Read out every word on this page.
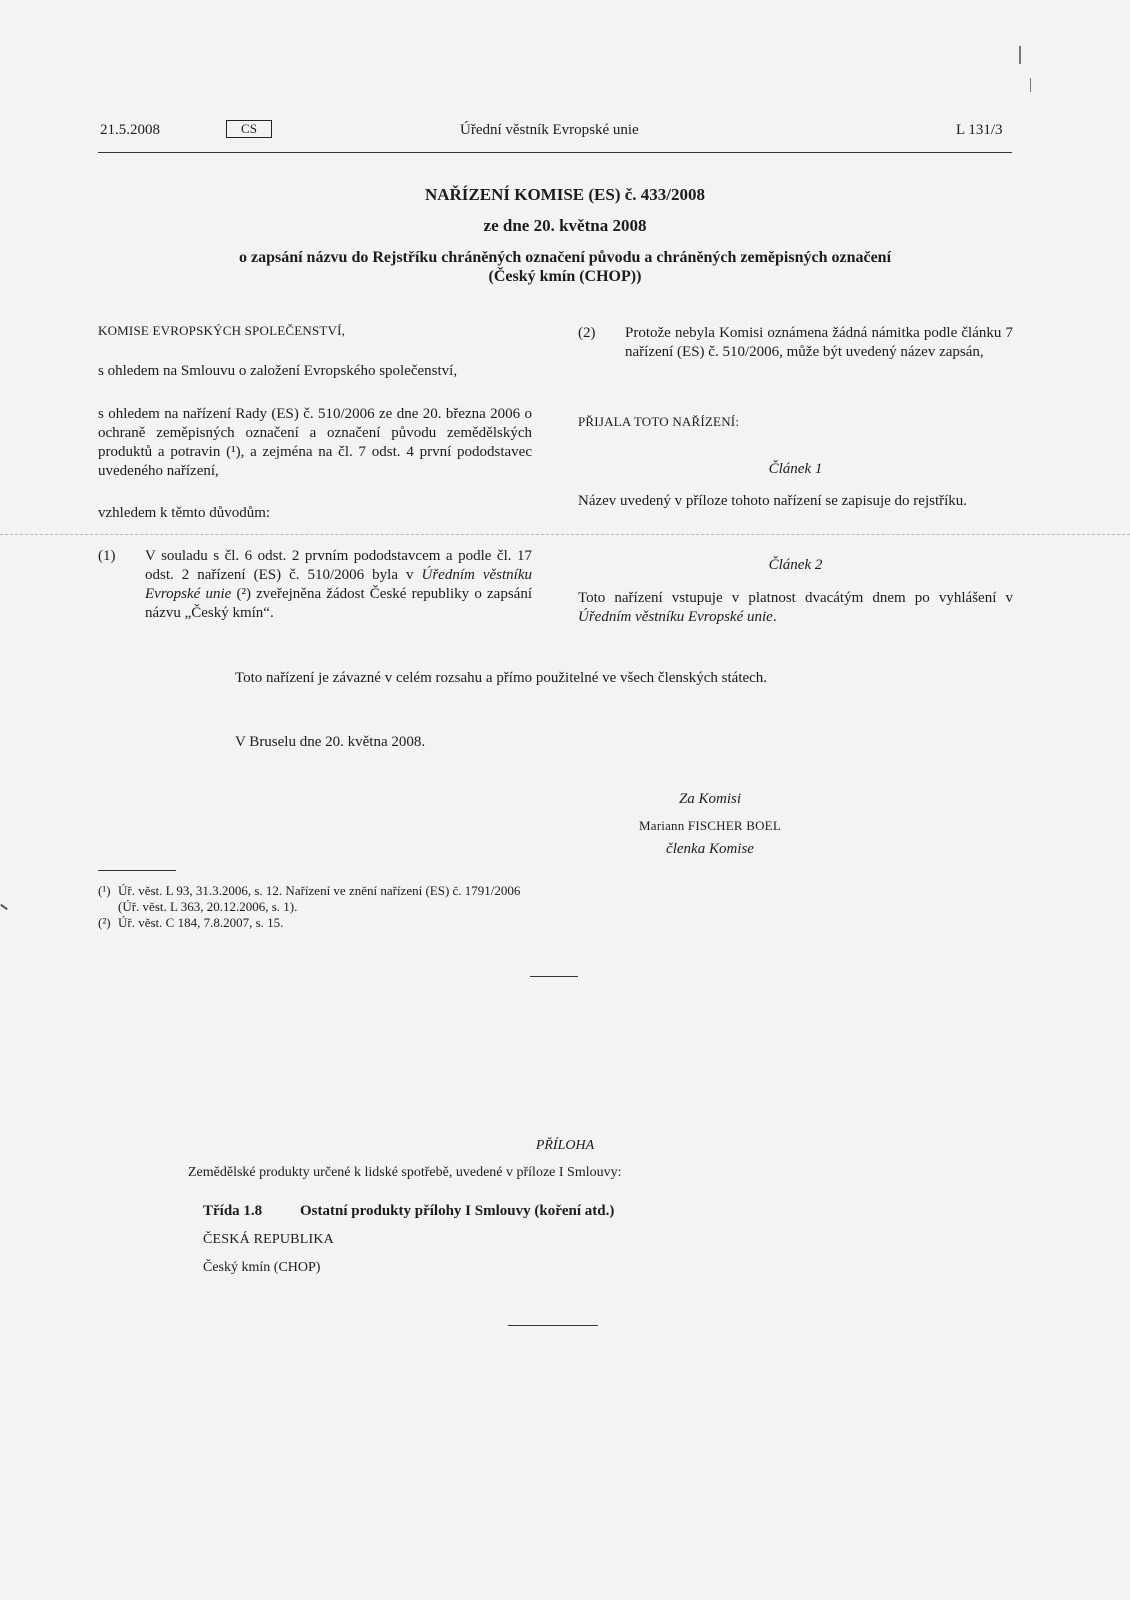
21.5.2008	CS	Úřední věstník Evropské unie	L 131/3
NAŘÍZENÍ KOMISE (ES) č. 433/2008
ze dne 20. května 2008
o zapsání názvu do Rejstříku chráněných označení původu a chráněných zeměpisných označení
(Český kmín (CHOP))
KOMISE EVROPSKÝCH SPOLEČENSTVÍ,
s ohledem na Smlouvu o založení Evropského společenství,
s ohledem na nařízení Rady (ES) č. 510/2006 ze dne 20. března 2006 o ochraně zeměpisných označení a označení původu zemědělských produktů a potravin (¹), a zejména na čl. 7 odst. 4 první pododstavec uvedeného nařízení,
vzhledem k těmto důvodům:
(1) V souladu s čl. 6 odst. 2 prvním pododstavcem a podle čl. 17 odst. 2 nařízení (ES) č. 510/2006 byla v Úředním věstníku Evropské unie (²) zveřejněna žádost České republiky o zapsání názvu „Český kmín“.
(2) Protože nebyla Komisi oznámena žádná námitka podle článku 7 nařízení (ES) č. 510/2006, může být uvedený název zapsán,
PŘIJALA TOTO NAŘÍZENÍ:
Článek 1
Název uvedený v příloze tohoto nařízení se zapisuje do rejstříku.
Článek 2
Toto nařízení vstupuje v platnost dvacátým dnem po vyhlášení v Úředním věstníku Evropské unie.
Toto nařízení je závazné v celém rozsahu a přímo použitelné ve všech členských státech.
V Bruselu dne 20. května 2008.
Za Komisi
Mariann FISCHER BOEL
členka Komise
(¹) Úř. věst. L 93, 31.3.2006, s. 12. Nařízení ve znění nařízení (ES) č. 1791/2006 (Úř. věst. L 363, 20.12.2006, s. 1).
(²) Úř. věst. C 184, 7.8.2007, s. 15.
PŘÍLOHA
Zemědělské produkty určené k lidské spotřebě, uvedené v příloze I Smlouvy:
Třída 1.8	Ostatní produkty přílohy I Smlouvy (koření atd.)
ČESKÁ REPUBLIKA
Český kmín (CHOP)
